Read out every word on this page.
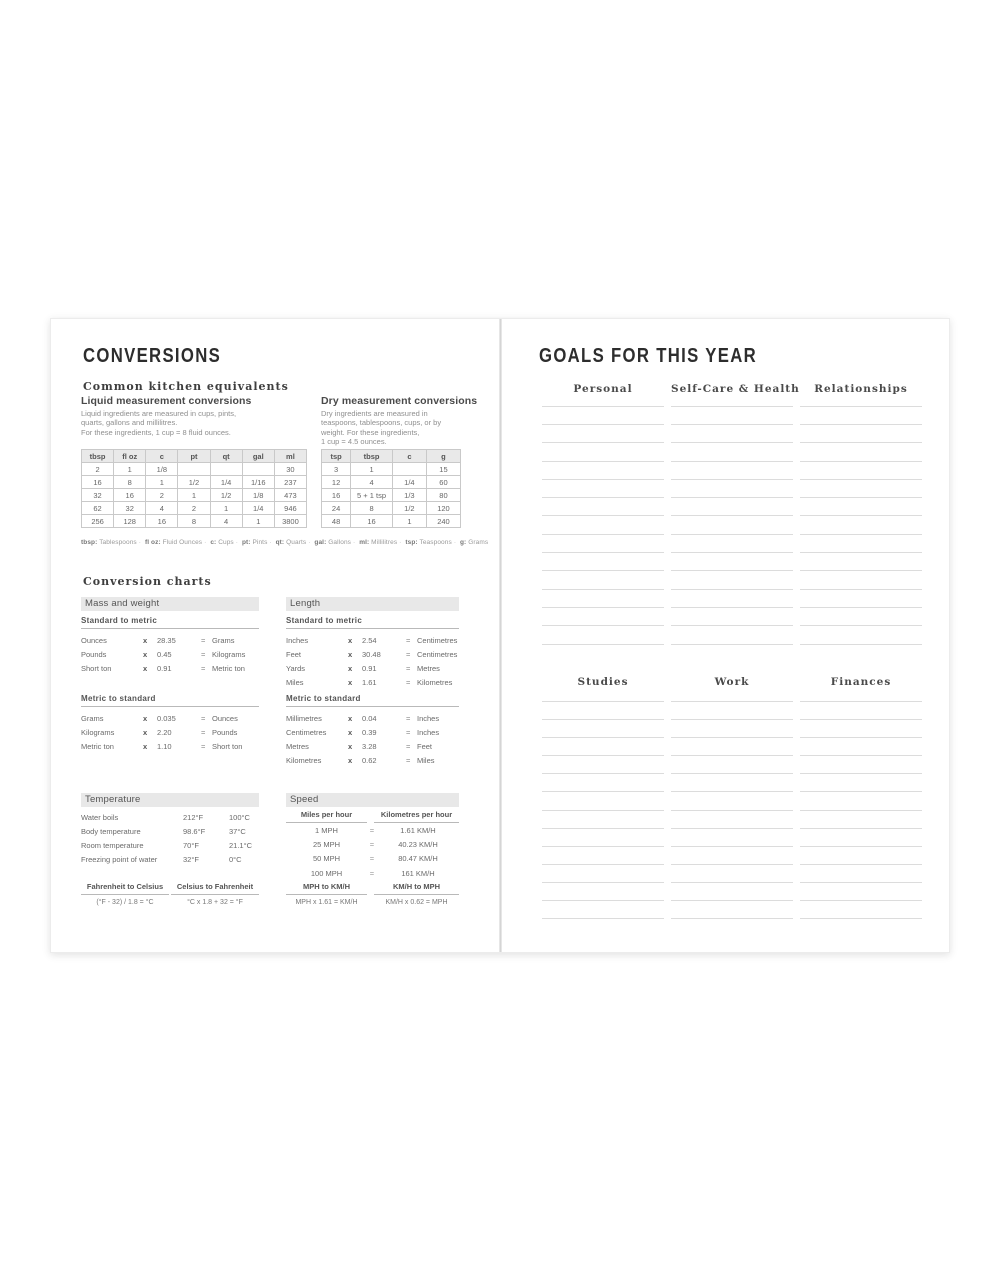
CONVERSIONS
Common kitchen equivalents
Liquid measurement conversions
Liquid ingredients are measured in cups, pints,
quarts, gallons and millilitres.
For these ingredients, 1 cup = 8 fluid ounces.
tbsp	fl oz	c	pt	qt	gal	ml
2	1	1/8				30
16	8	1	1/2	1/4	1/16	237
32	16	2	1	1/2	1/8	473
62	32	4	2	1	1/4	946
256	128	16	8	4	1	3800
Dry measurement conversions
Dry ingredients are measured in
teaspoons, tablespoons, cups, or by
weight. For these ingredients,
1 cup = 4.5 ounces.
tsp	tbsp	c	g
3	1		15
12	4	1/4	60
16	5 + 1 tsp	1/3	80
24	8	1/2	120
48	16	1	240
tbsp: Tablespoons · fl oz: Fluid Ounces · c: Cups · pt: Pints · qt: Quarts · gal: Gallons · ml: Millilitres · tsp: Teaspoons · g: Grams
Conversion charts
Mass and weight
Standard to metric
Ounces	x	28.35	= Grams
Pounds	x	0.45	= Kilograms
Short ton	x	0.91	= Metric ton
Metric to standard
Grams	x	0.035	= Ounces
Kilograms	x	2.20	= Pounds
Metric ton	x	1.10	= Short ton
Length
Standard to metric
Inches	x	2.54	= Centimetres
Feet	x	30.48	= Centimetres
Yards	x	0.91	= Metres
Miles	x	1.61	= Kilometres
Metric to standard
Millimetres	x	0.04	= Inches
Centimetres	x	0.39	= Inches
Metres	x	3.28	= Feet
Kilometres	x	0.62	= Miles
Temperature
Water boils	212°F	100°C
Body temperature	98.6°F	37°C
Room temperature	70°F	21.1°C
Freezing point of water	32°F	0°C
Fahrenheit to Celsius
(°F - 32) / 1.8 = °C
Celsius to Fahrenheit
°C x 1.8 + 32 = °F
Speed
Miles per hour	Kilometres per hour
1 MPH	=	1.61 KM/H
25 MPH	=	40.23 KM/H
50 MPH	=	80.47 KM/H
100 MPH	=	161 KM/H
MPH to KM/H
MPH x 1.61 = KM/H
KM/H to MPH
KM/H x 0.62 = MPH
GOALS FOR THIS YEAR
Personal	Self-Care & Health	Relationships
Studies	Work	Finances
